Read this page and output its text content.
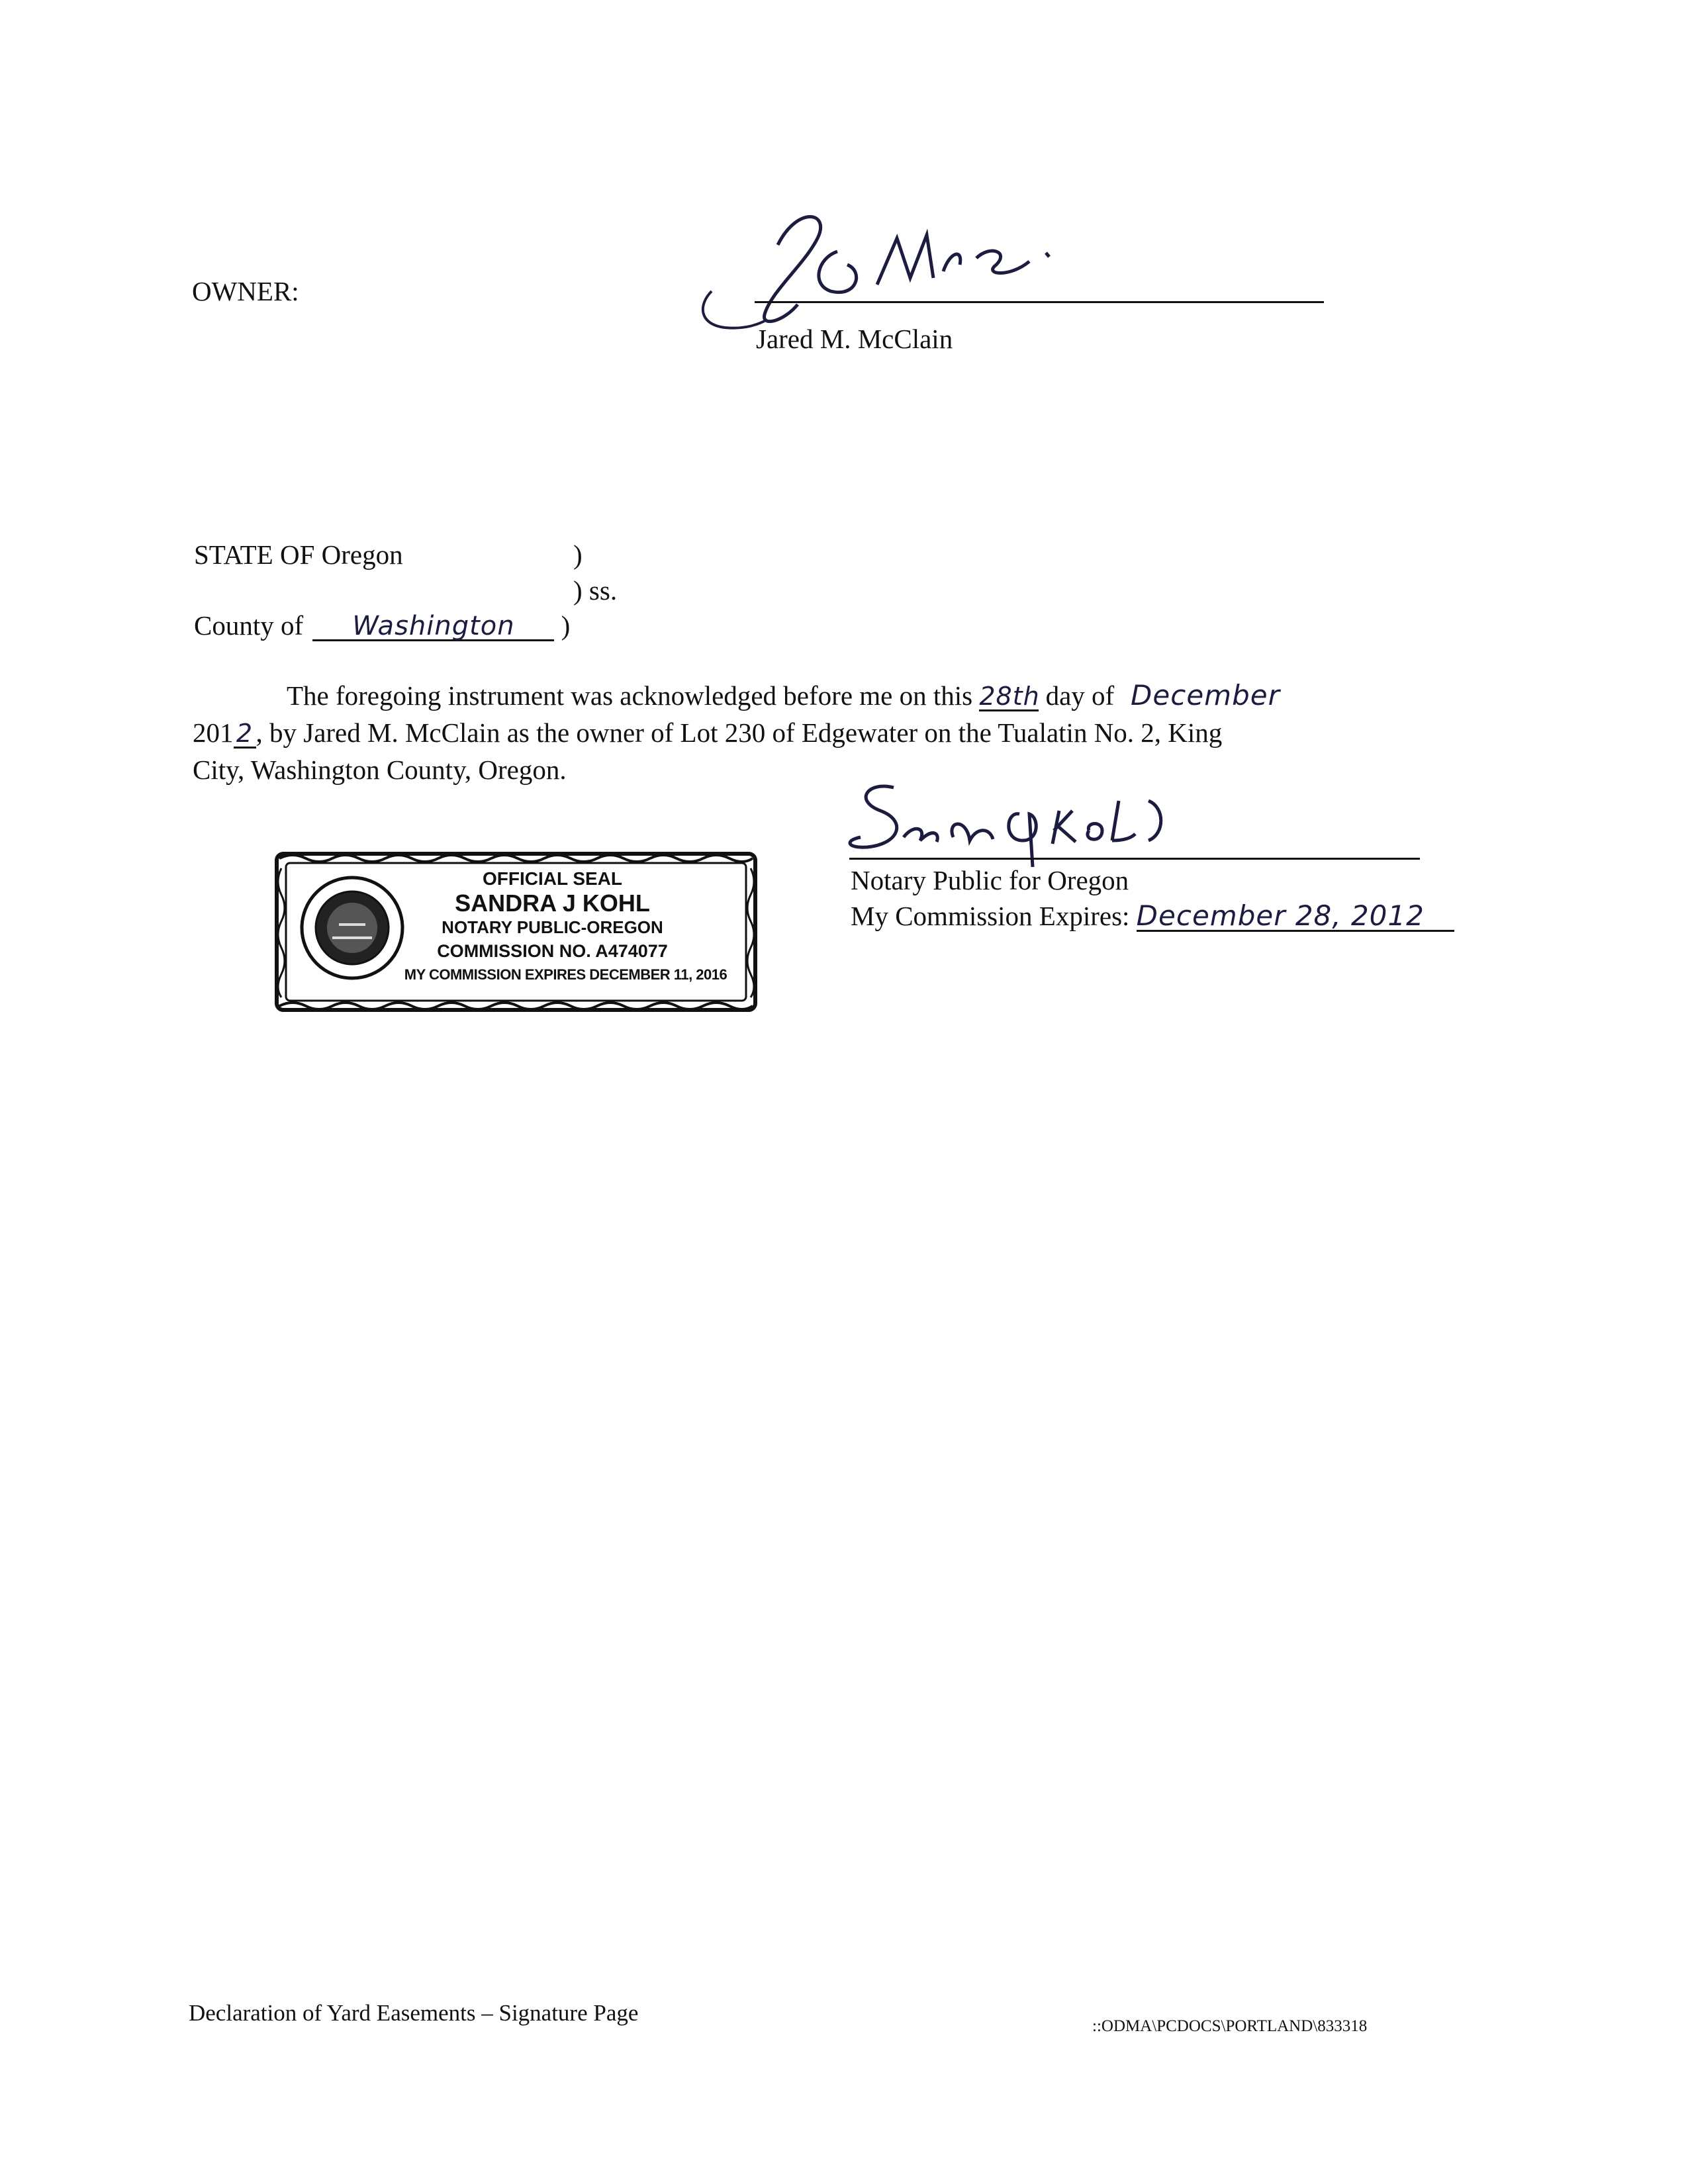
OWNER:
Jared M. McClain
STATE OF Oregon	)
) ss.
County of Washington )
The foregoing instrument was acknowledged before me on this 28th day of December
201 2 , by Jared M. McClain as the owner of Lot 230 of Edgewater on the Tualatin No. 2, King
City, Washington County, Oregon.
Notary Public for Oregon
My Commission Expires: December 28, 2012
OFFICIAL SEAL
SANDRA J KOHL
NOTARY PUBLIC-OREGON
COMMISSION NO. A474077
MY COMMISSION EXPIRES DECEMBER 11, 2016
Declaration of Yard Easements – Signature Page
::ODMA\PCDOCS\PORTLAND\833318
